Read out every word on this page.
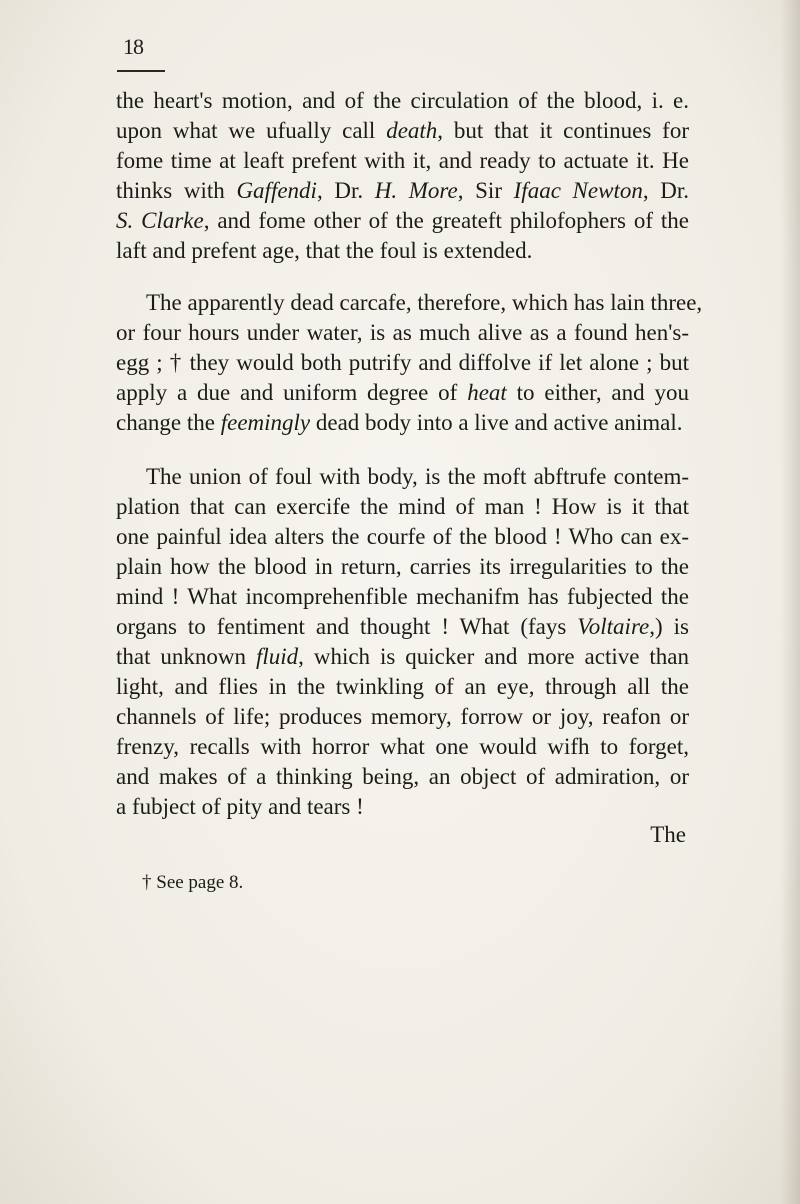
18
the heart's motion, and of the circulation of the blood, i. e.
upon what we ufually call death, but that it continues for
fome time at leaft prefent with it, and ready to actuate it. He
thinks with Gaffendi, Dr. H. More, Sir Ifaac Newton, Dr.
S. Clarke, and fome other of the greateft philofophers of the
laft and prefent age, that the foul is extended.
The apparently dead carcafe, therefore, which has lain three,
or four hours under water, is as much alive as a found hen's-
egg ; † they would both putrify and diffolve if let alone ; but
apply a due and uniform degree of heat to either, and you
change the feemingly dead body into a live and active animal.
The union of foul with body, is the moft abftrufe contem-
plation that can exercife the mind of man ! How is it that
one painful idea alters the courfe of the blood ! Who can ex-
plain how the blood in return, carries its irregularities to the
mind ! What incomprehenfible mechanifm has fubjected the
organs to fentiment and thought ! What (fays Voltaire,) is
that unknown fluid, which is quicker and more active than
light, and flies in the twinkling of an eye, through all the
channels of life; produces memory, forrow or joy, reafon or
frenzy, recalls with horror what one would wifh to forget,
and makes of a thinking being, an object of admiration, or
a fubject of pity and tears !
The
† See page 8.
